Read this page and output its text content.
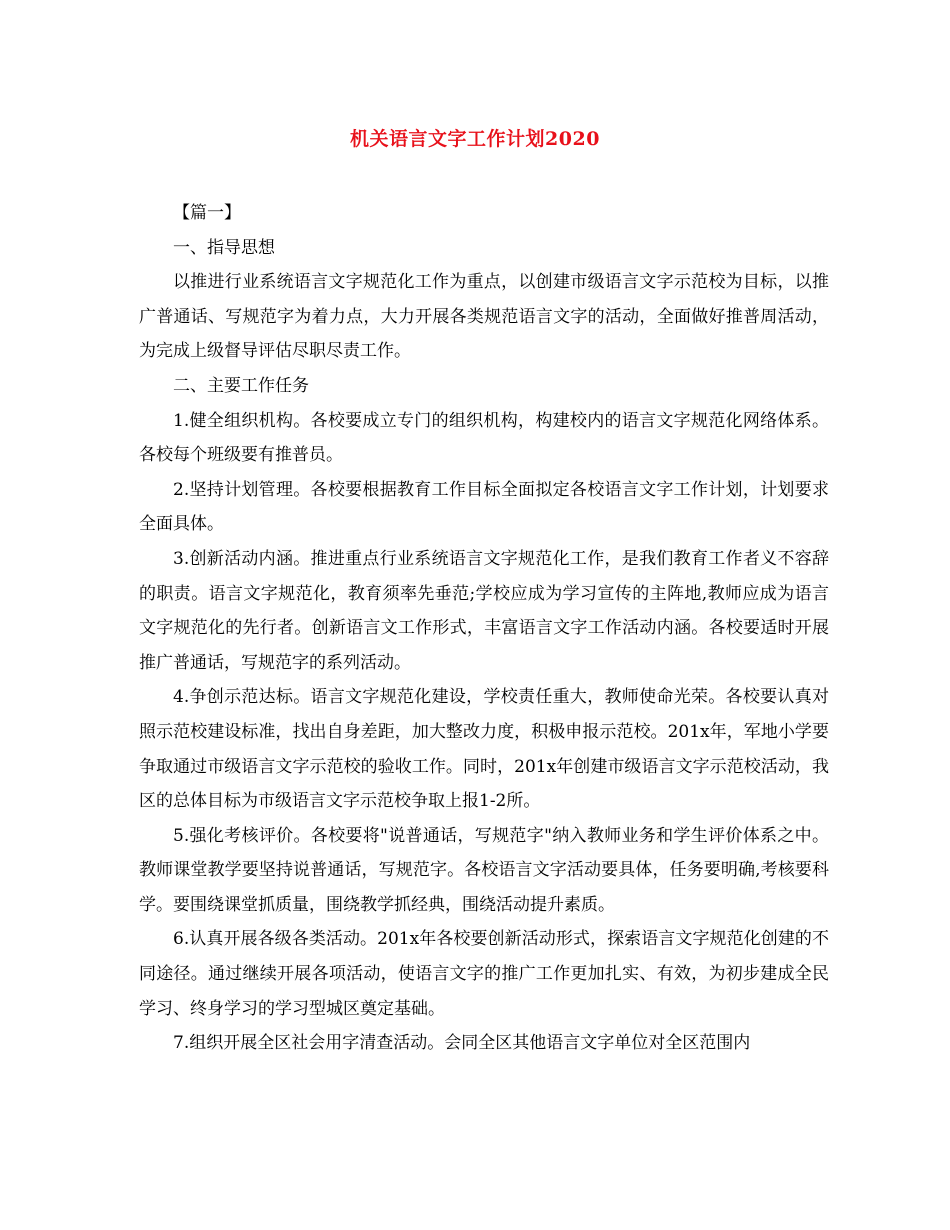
机关语言文字工作计划2020

【篇一】

一、指导思想

以推进行业系统语言文字规范化工作为重点，以创建市级语言文字示范校为目标，以推广普通话、写规范字为着力点，大力开展各类规范语言文字的活动，全面做好推普周活动，为完成上级督导评估尽职尽责工作。

二、主要工作任务

1.健全组织机构。各校要成立专门的组织机构，构建校内的语言文字规范化网络体系。各校每个班级要有推普员。

2.坚持计划管理。各校要根据教育工作目标全面拟定各校语言文字工作计划，计划要求全面具体。

3.创新活动内涵。推进重点行业系统语言文字规范化工作，是我们教育工作者义不容辞的职责。语言文字规范化，教育须率先垂范;学校应成为学习宣传的主阵地,教师应成为语言文字规范化的先行者。创新语言文工作形式，丰富语言文字工作活动内涵。各校要适时开展推广普通话，写规范字的系列活动。

4.争创示范达标。语言文字规范化建设，学校责任重大，教师使命光荣。各校要认真对照示范校建设标准，找出自身差距，加大整改力度，积极申报示范校。201x年，军地小学要争取通过市级语言文字示范校的验收工作。同时，201x年创建市级语言文字示范校活动，我区的总体目标为市级语言文字示范校争取上报1-2所。

5.强化考核评价。各校要将"说普通话，写规范字"纳入教师业务和学生评价体系之中。教师课堂教学要坚持说普通话，写规范字。各校语言文字活动要具体，任务要明确,考核要科学。要围绕课堂抓质量，围绕教学抓经典，围绕活动提升素质。

6.认真开展各级各类活动。201x年各校要创新活动形式，探索语言文字规范化创建的不同途径。通过继续开展各项活动，使语言文字的推广工作更加扎实、有效，为初步建成全民学习、终身学习的学习型城区奠定基础。

7.组织开展全区社会用字清查活动。会同全区其他语言文字单位对全区范围内
